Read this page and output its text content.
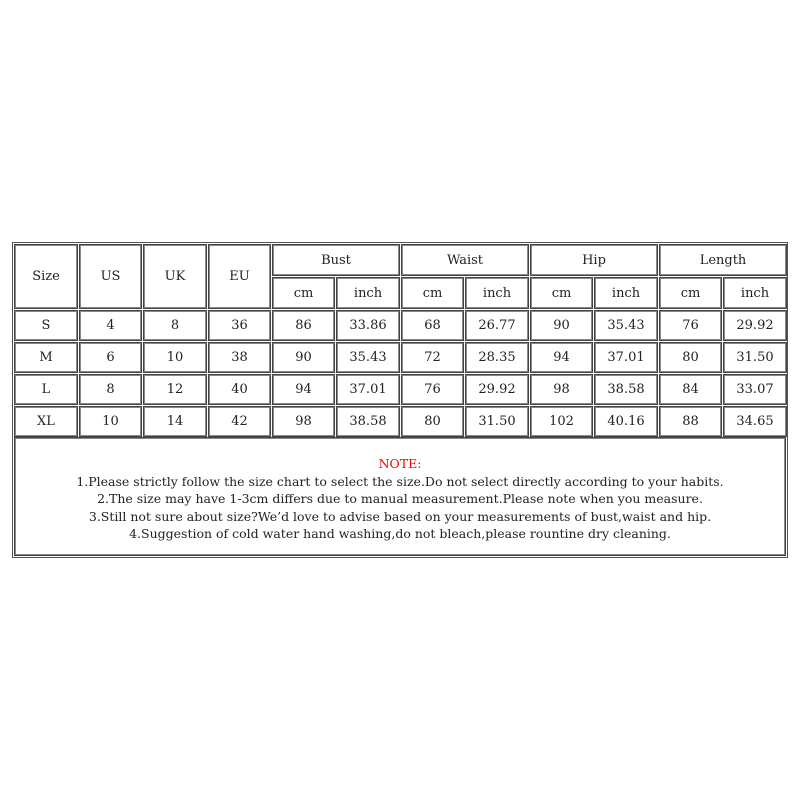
Size	US	UK	EU
Bust	Waist	Hip	Length
cm	inch	cm	inch	cm	inch	cm	inch
S	4	8	36	86	33.86	68	26.77	90	35.43	76	29.92
M	6	10	38	90	35.43	72	28.35	94	37.01	80	31.50
L	8	12	40	94	37.01	76	29.92	98	38.58	84	33.07
XL	10	14	42	98	38.58	80	31.50	102	40.16	88	34.65
NOTE:
1.Please strictly follow the size chart to select the size.Do not select directly according to your habits.
2.The size may have 1-3cm differs due to manual measurement.Please note when you measure.
3.Still not sure about size?We’d love to advise based on your measurements of bust,waist and hip.
4.Suggestion of cold water hand washing,do not bleach,please rountine dry cleaning.
